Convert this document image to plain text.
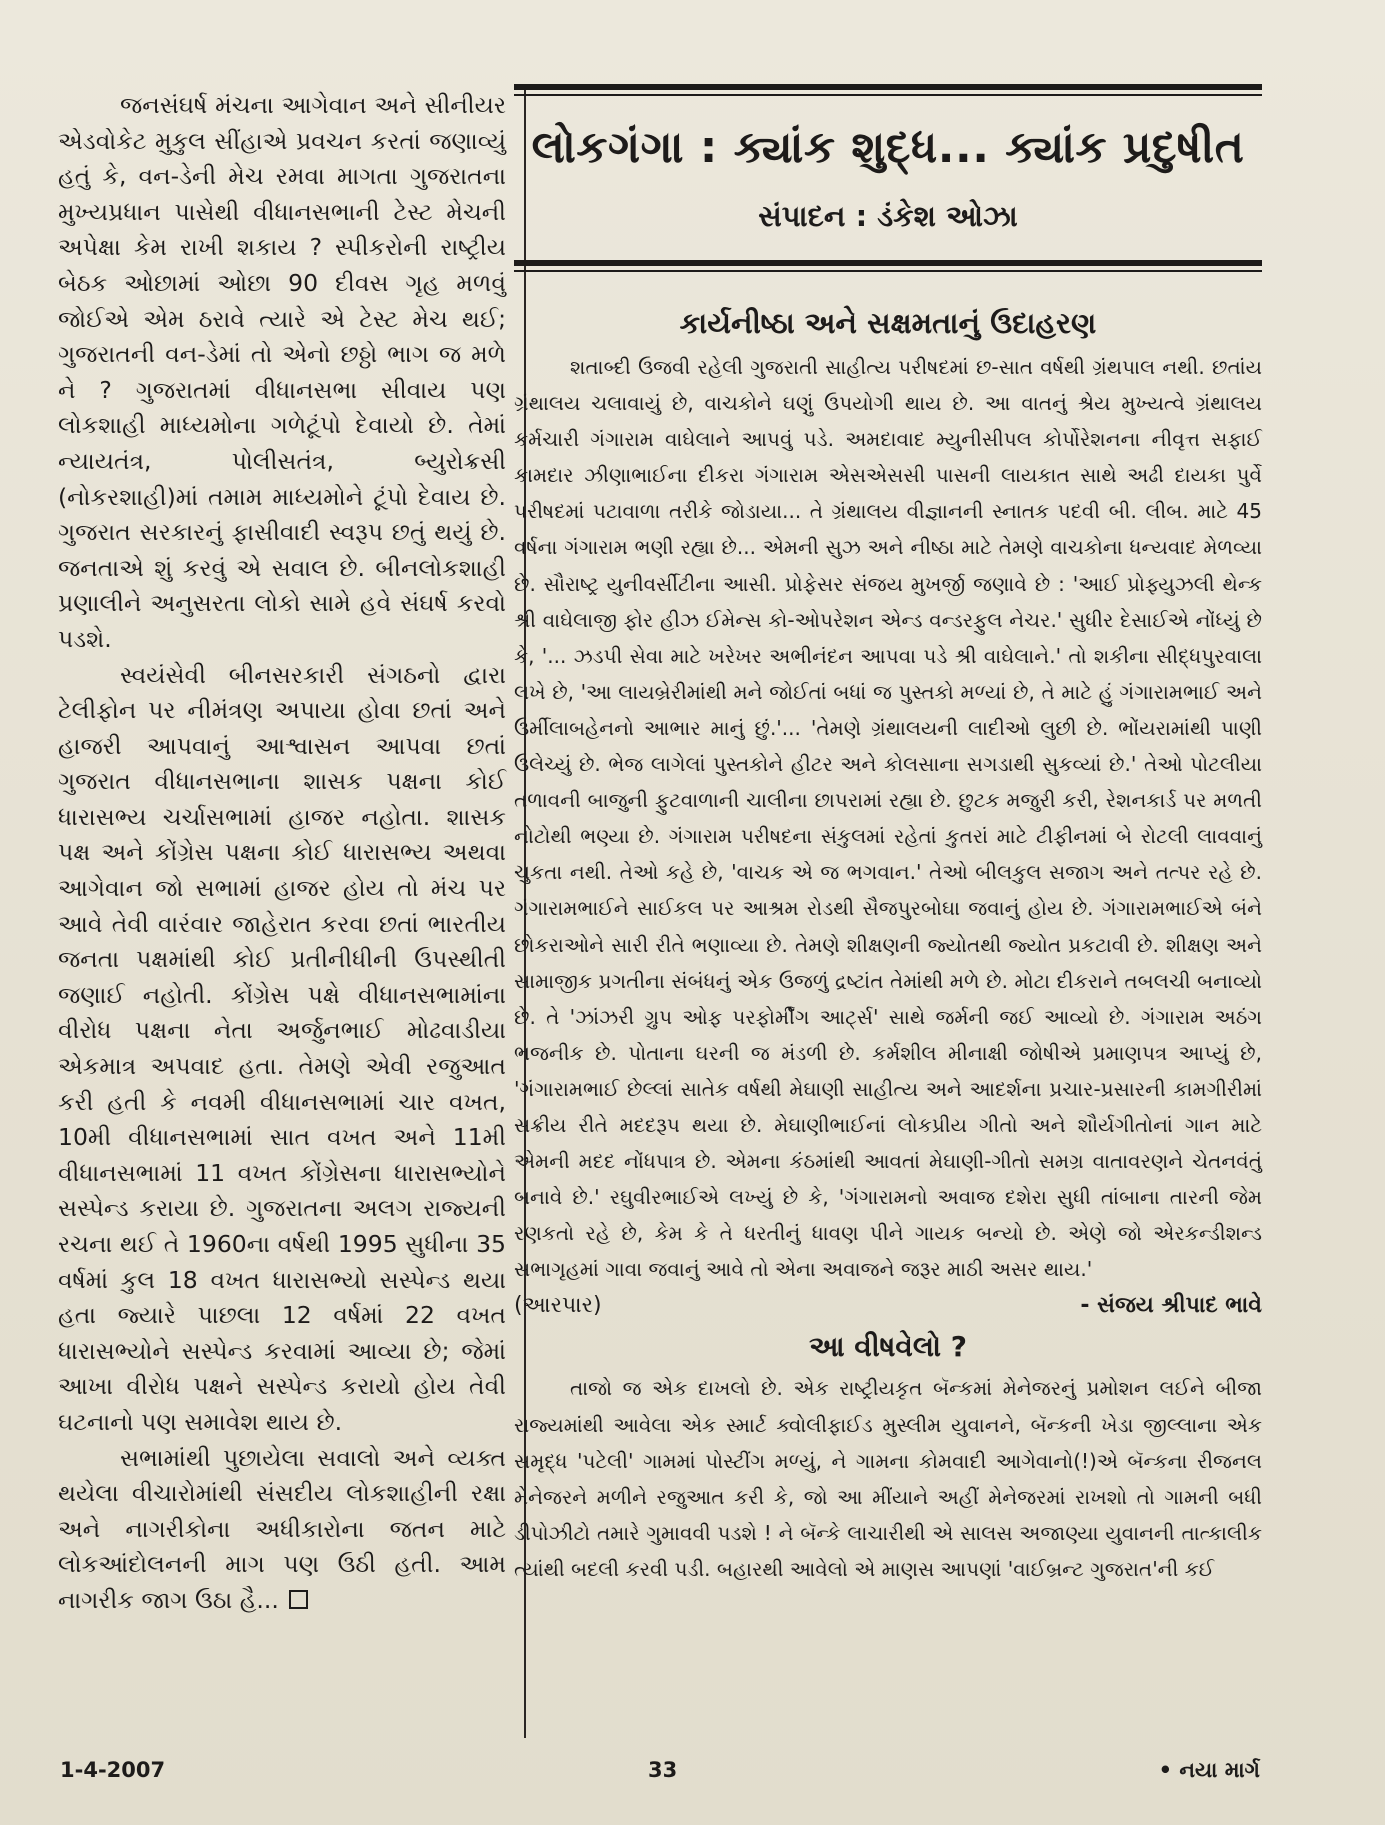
જનસંઘર્ષ મંચના આગેવાન અને સીનીયર એડવોકેટ મુકુલ સીંહાએ પ્રવચન કરતાં જણાવ્યું હતું કે, વન-ડેની મેચ રમવા માગતા ગુજરાતના મુખ્યપ્રધાન પાસેથી વીધાનસભાની ટેસ્ટ મેચની અપેક્ષા કેમ રાખી શકાય ? સ્પીકરોની રાષ્ટ્રીય બેઠક ઓછામાં ઓછા 90 દીવસ ગૃહ મળવું જોઈએ એમ ઠરાવે ત્યારે એ ટેસ્ટ મેચ થઈ; ગુજરાતની વન-ડેમાં તો એનો છઠ્ઠો ભાગ જ મળે ને ? ગુજરાતમાં વીધાનસભા સીવાય પણ લોકશાહી માધ્યમોના ગળેટૂંપો દેવાયો છે. તેમાં ન્યાયતંત્ર, પોલીસતંત્ર, બ્યુરોક્રસી (નોકરશાહી)માં તમામ માધ્યમોને ટૂંપો દેવાય છે. ગુજરાત સરકારનું ફાસીવાદી સ્વરૂપ છતું થયું છે. જનતાએ શું કરવું એ સવાલ છે. બીનલોકશાહી પ્રણાલીને અનુસરતા લોકો સામે હવે સંઘર્ષ કરવો પડશે.

સ્વયંસેવી બીનસરકારી સંગઠનો દ્વારા ટેલીફોન પર નીમંત્રણ અપાયા હોવા છતાં અને હાજરી આપવાનું આશ્વાસન આપવા છતાં ગુજરાત વીધાનસભાના શાસક પક્ષના કોઈ ધારાસભ્ય ચર્ચાસભામાં હાજર નહોતા. શાસક પક્ષ અને કોંગ્રેસ પક્ષના કોઈ ધારાસભ્ય અથવા આગેવાન જો સભામાં હાજર હોય તો મંચ પર આવે તેવી વારંવાર જાહેરાત કરવા છતાં ભારતીય જનતા પક્ષમાંથી કોઈ પ્રતીનીધીની ઉપસ્થીતી જણાઈ નહોતી. કોંગ્રેસ પક્ષે વીધાનસભામાંના વીરોધ પક્ષના નેતા અર્જુનભાઈ મોઢવાડીયા એકમાત્ર અપવાદ હતા. તેમણે એવી રજુઆત કરી હતી કે નવમી વીધાનસભામાં ચાર વખત, 10મી વીધાનસભામાં સાત વખત અને 11મી વીધાનસભામાં 11 વખત કોંગ્રેસના ધારાસભ્યોને સસ્પેન્ડ કરાયા છે. ગુજરાતના અલગ રાજ્યની રચના થઈ તે 1960ના વર્ષથી 1995 સુધીના 35 વર્ષમાં કુલ 18 વખત ધારાસભ્યો સસ્પેન્ડ થયા હતા જ્યારે પાછલા 12 વર્ષમાં 22 વખત ધારાસભ્યોને સસ્પેન્ડ કરવામાં આવ્યા છે; જેમાં આખા વીરોધ પક્ષને સસ્પેન્ડ કરાયો હોય તેવી ઘટનાનો પણ સમાવેશ થાય છે.

સભામાંથી પુછાયેલા સવાલો અને વ્યક્ત થયેલા વીચારોમાંથી સંસદીય લોકશાહીની રક્ષા અને નાગરીકોના અધીકારોના જતન માટે લોકઆંદોલનની માગ પણ ઉઠી હતી. આમ નાગરીક જાગ ઉઠા હૈ...

લોકગંગા : ક્યાંક શુદ્ધ... ક્યાંક પ્રદુષીત
સંપાદન : ડંકેશ ઓઝા
કાર્યનીષ્ઠા અને સક્ષમતાનું ઉદાહરણ

શતાબ્દી ઉજવી રહેલી ગુજરાતી સાહીત્ય પરીષદમાં છ-સાત વર્ષથી ગ્રંથપાલ નથી. છતાંય ગ્રંથાલય ચલાવાયું છે, વાચકોને ઘણું ઉપયોગી થાય છે. આ વાતનું શ્રેય મુખ્યત્વે ગ્રંથાલય કર્મચારી ગંગારામ વાઘેલાને આપવું પડે. અમદાવાદ મ્યુનીસીપલ કોર્પોરેશનના નીવૃત્ત સફાઈ કામદાર ઝીણાભાઈના દીકરા ગંગારામ એસએસસી પાસની લાયકાત સાથે અઢી દાયકા પુર્વે પરીષદમાં પટાવાળા તરીકે જોડાયા... તે ગ્રંથાલય વીજ્ઞાનની સ્નાતક પદવી બી. લીબ. માટે 45 વર્ષના ગંગારામ ભણી રહ્યા છે... એમની સુઝ અને નીષ્ઠા માટે તેમણે વાચકોના ધન્યવાદ મેળવ્યા છે. સૌરાષ્ટ્ર યુનીવર્સીટીના આસી. પ્રોફેસર સંજય મુખર્જી જણાવે છે : 'આઈ પ્રોફ્યુઝલી થેન્ક શ્રી વાઘેલાજી ફોર હીઝ ઈમેન્સ કો-ઓપરેશન એન્ડ વન્ડરફુલ નેચર.' સુધીર દેસાઈએ નોંધ્યું છે કે, '... ઝડપી સેવા માટે ખરેખર અભીનંદન આપવા પડે શ્રી વાઘેલાને.' તો શકીના સીદ્ધપુરવાલા લખે છે, 'આ લાયબ્રેરીમાંથી મને જોઈતાં બધાં જ પુસ્તકો મળ્યાં છે, તે માટે હું ગંગારામભાઈ અને ઉર્મીલાબહેનનો આભાર માનું છું.'... 'તેમણે ગ્રંથાલયની લાદીઓ લુછી છે. ભોંયરામાંથી પાણી ઉલેચ્યું છે. ભેજ લાગેલાં પુસ્તકોને હીટર અને કોલસાના સગડાથી સુકવ્યાં છે.' તેઓ પોટલીયા તળાવની બાજુની ફુટવાળાની ચાલીના છાપરામાં રહ્યા છે. છુટક મજુરી કરી, રેશનકાર્ડ પર મળતી નોટોથી ભણ્યા છે. ગંગારામ પરીષદના સંકુલમાં રહેતાં કુતરાં માટે ટીફીનમાં બે રોટલી લાવવાનું ચુકતા નથી. તેઓ કહે છે, 'વાચક એ જ ભગવાન.' તેઓ બીલકુલ સજાગ અને તત્પર રહે છે. ગંગારામભાઈને સાઈકલ પર આશ્રમ રોડથી સૈજપુરબોઘા જવાનું હોય છે. ગંગારામભાઈએ બંને છોકરાઓને સારી રીતે ભણાવ્યા છે. તેમણે શીક્ષણની જ્યોતથી જ્યોત પ્રકટાવી છે. શીક્ષણ અને સામાજીક પ્રગતીના સંબંધનું એક ઉજળું દ્રષ્ટાંત તેમાંથી મળે છે. મોટા દીકરાને તબલચી બનાવ્યો છે. તે 'ઝાંઝરી ગ્રુપ ઓફ પરફોર્મીંગ આર્ટ્સ' સાથે જર્મની જઈ આવ્યો છે. ગંગારામ અઠંગ ભજનીક છે. પોતાના ઘરની જ મંડળી છે. કર્મશીલ મીનાક્ષી જોષીએ પ્રમાણપત્ર આપ્યું છે, 'ગંગારામભાઈ છેલ્લાં સાતેક વર્ષથી મેઘાણી સાહીત્ય અને આદર્શના પ્રચાર-પ્રસારની કામગીરીમાં સક્રીય રીતે મદદરૂપ થયા છે. મેઘાણીભાઈનાં લોકપ્રીય ગીતો અને શૌર્યગીતોનાં ગાન માટે એમની મદદ નોંધપાત્ર છે. એમના કંઠમાંથી આવતાં મેઘાણી-ગીતો સમગ્ર વાતાવરણને ચેતનવંતું બનાવે છે.' રઘુવીરભાઈએ લખ્યું છે કે, 'ગંગારામનો અવાજ દશેરા સુધી તાંબાના તારની જેમ રણકતો રહે છે, કેમ કે તે ધરતીનું ધાવણ પીને ગાયક બન્યો છે. એણે જો એરકન્ડીશન્ડ સભાગૃહમાં ગાવા જવાનું આવે તો એના અવાજને જરૂર માઠી અસર થાય.'

(આરપાર)	- સંજય શ્રીપાદ ભાવે
આ વીષવેલો ?

તાજો જ એક દાખલો છે. એક રાષ્ટ્રીયકૃત બૅન્કમાં મેનેજરનું પ્રમોશન લઈને બીજા રાજ્યમાંથી આવેલા એક સ્માર્ટ ક્વોલીફાઈડ મુસ્લીમ યુવાનને, બૅન્કની ખેડા જીલ્લાના એક સમૃદ્ધ 'પટેલી' ગામમાં પોસ્ટીંગ મળ્યું, ને ગામના કોમવાદી આગેવાનો(!)એ બૅન્કના રીજનલ મેનેજરને મળીને રજુઆત કરી કે, જો આ મીંયાને અહીં મેનેજરમાં રાખશો તો ગામની બધી ડીપોઝીટો તમારે ગુમાવવી પડશે ! ને બૅન્કે લાચારીથી એ સાલસ અજાણ્યા યુવાનની તાત્કાલીક ત્યાંથી બદલી કરવી પડી. બહારથી આવેલો એ માણસ આપણાં 'વાઈબ્રન્ટ ગુજરાત'ની કઈ

1-4-2007	33	• નયા માર્ગ
